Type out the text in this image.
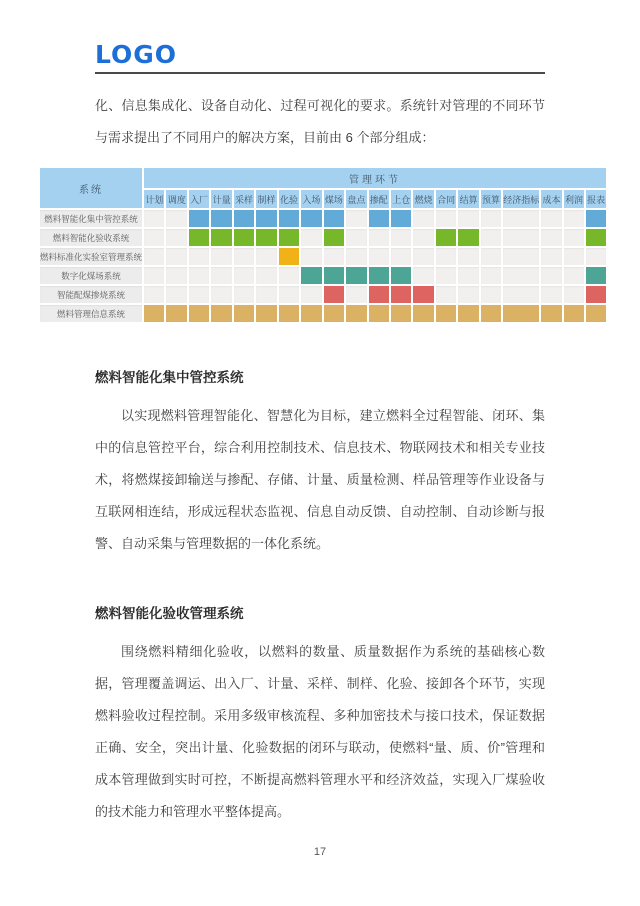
LOGO

化、信息集成化、设备自动化、过程可视化的要求。系统针对管理的不同环节与需求提出了不同用户的解决方案，目前由 6 个部分组成：

系统	管理环节																			
	计划	调度	入厂	计量	采样	制样	化验	入场	煤场	盘点	掺配	上仓	燃烧	合同	结算	预算	经济指标	成本	利润	报表
燃料智能化集中管控系统																				
燃料智能化验收系统																				
燃料标准化实验室管理系统																				
数字化煤场系统																				
智能配煤掺烧系统																				
燃料管理信息系统																				
燃料智能化集中管控系统

以实现燃料管理智能化、智慧化为目标，建立燃料全过程智能、闭环、集中的信息管控平台，综合利用控制技术、信息技术、物联网技术和相关专业技术，将燃煤接卸输送与掺配、存储、计量、质量检测、样品管理等作业设备与互联网相连结，形成远程状态监视、信息自动反馈、自动控制、自动诊断与报警、自动采集与管理数据的一体化系统。

燃料智能化验收管理系统

围绕燃料精细化验收，以燃料的数量、质量数据作为系统的基础核心数据，管理覆盖调运、出入厂、计量、采样、制样、化验、接卸各个环节，实现燃料验收过程控制。采用多级审核流程、多种加密技术与接口技术，保证数据正确、安全，突出计量、化验数据的闭环与联动，使燃料“量、质、价”管理和成本管理做到实时可控，不断提高燃料管理水平和经济效益，实现入厂煤验收的技术能力和管理水平整体提高。

17
